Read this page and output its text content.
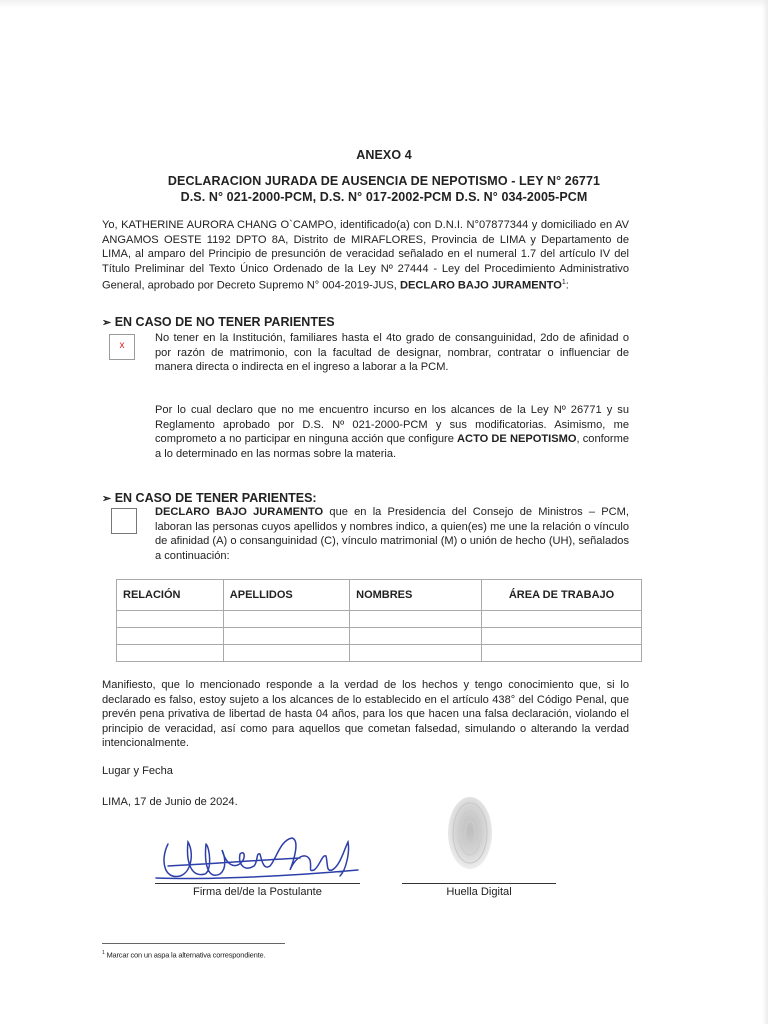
ANEXO 4
DECLARACION JURADA DE AUSENCIA DE NEPOTISMO - LEY N° 26771
D.S. N° 021-2000-PCM, D.S. N° 017-2002-PCM D.S. N° 034-2005-PCM
Yo, KATHERINE AURORA CHANG O`CAMPO, identificado(a) con D.N.I. N°07877344 y domiciliado en AV ANGAMOS OESTE 1192 DPTO 8A, Distrito de MIRAFLORES, Provincia de LIMA y Departamento de LIMA, al amparo del Principio de presunción de veracidad señalado en el numeral 1.7 del artículo IV del Título Preliminar del Texto Único Ordenado de la Ley Nº 27444 - Ley del Procedimiento Administrativo General, aprobado por Decreto Supremo N° 004-2019-JUS, DECLARO BAJO JURAMENTO$^1$:
➢ EN CASO DE NO TENER PARIENTES
x
No tener en la Institución, familiares hasta el 4to grado de consanguinidad, 2do de afinidad o por razón de matrimonio, con la facultad de designar, nombrar, contratar o influenciar de manera directa o indirecta en el ingreso a laborar a la PCM.
Por lo cual declaro que no me encuentro incurso en los alcances de la Ley Nº 26771 y su Reglamento aprobado por D.S. Nº 021-2000-PCM y sus modificatorias. Asimismo, me comprometo a no participar en ninguna acción que configure ACTO DE NEPOTISMO, conforme a lo determinado en las normas sobre la materia.
➢ EN CASO DE TENER PARIENTES:
DECLARO BAJO JURAMENTO que en la Presidencia del Consejo de Ministros – PCM, laboran las personas cuyos apellidos y nombres indico, a quien(es) me une la relación o vínculo de afinidad (A) o consanguinidad (C), vínculo matrimonial (M) o unión de hecho (UH), señalados a continuación:
RELACIÓN	APELLIDOS	NOMBRES	ÁREA DE TRABAJO

Manifiesto, que lo mencionado responde a la verdad de los hechos y tengo conocimiento que, si lo declarado es falso, estoy sujeto a los alcances de lo establecido en el artículo 438° del Código Penal, que prevén pena privativa de libertad de hasta 04 años, para los que hacen una falsa declaración, violando el principio de veracidad, así como para aquellos que cometan falsedad, simulando o alterando la verdad intencionalmente.
Lugar y Fecha
LIMA, 17 de Junio de 2024.
Firma del/de la Postulante	Huella Digital
$^1$ Marcar con un aspa la alternativa correspondiente.
